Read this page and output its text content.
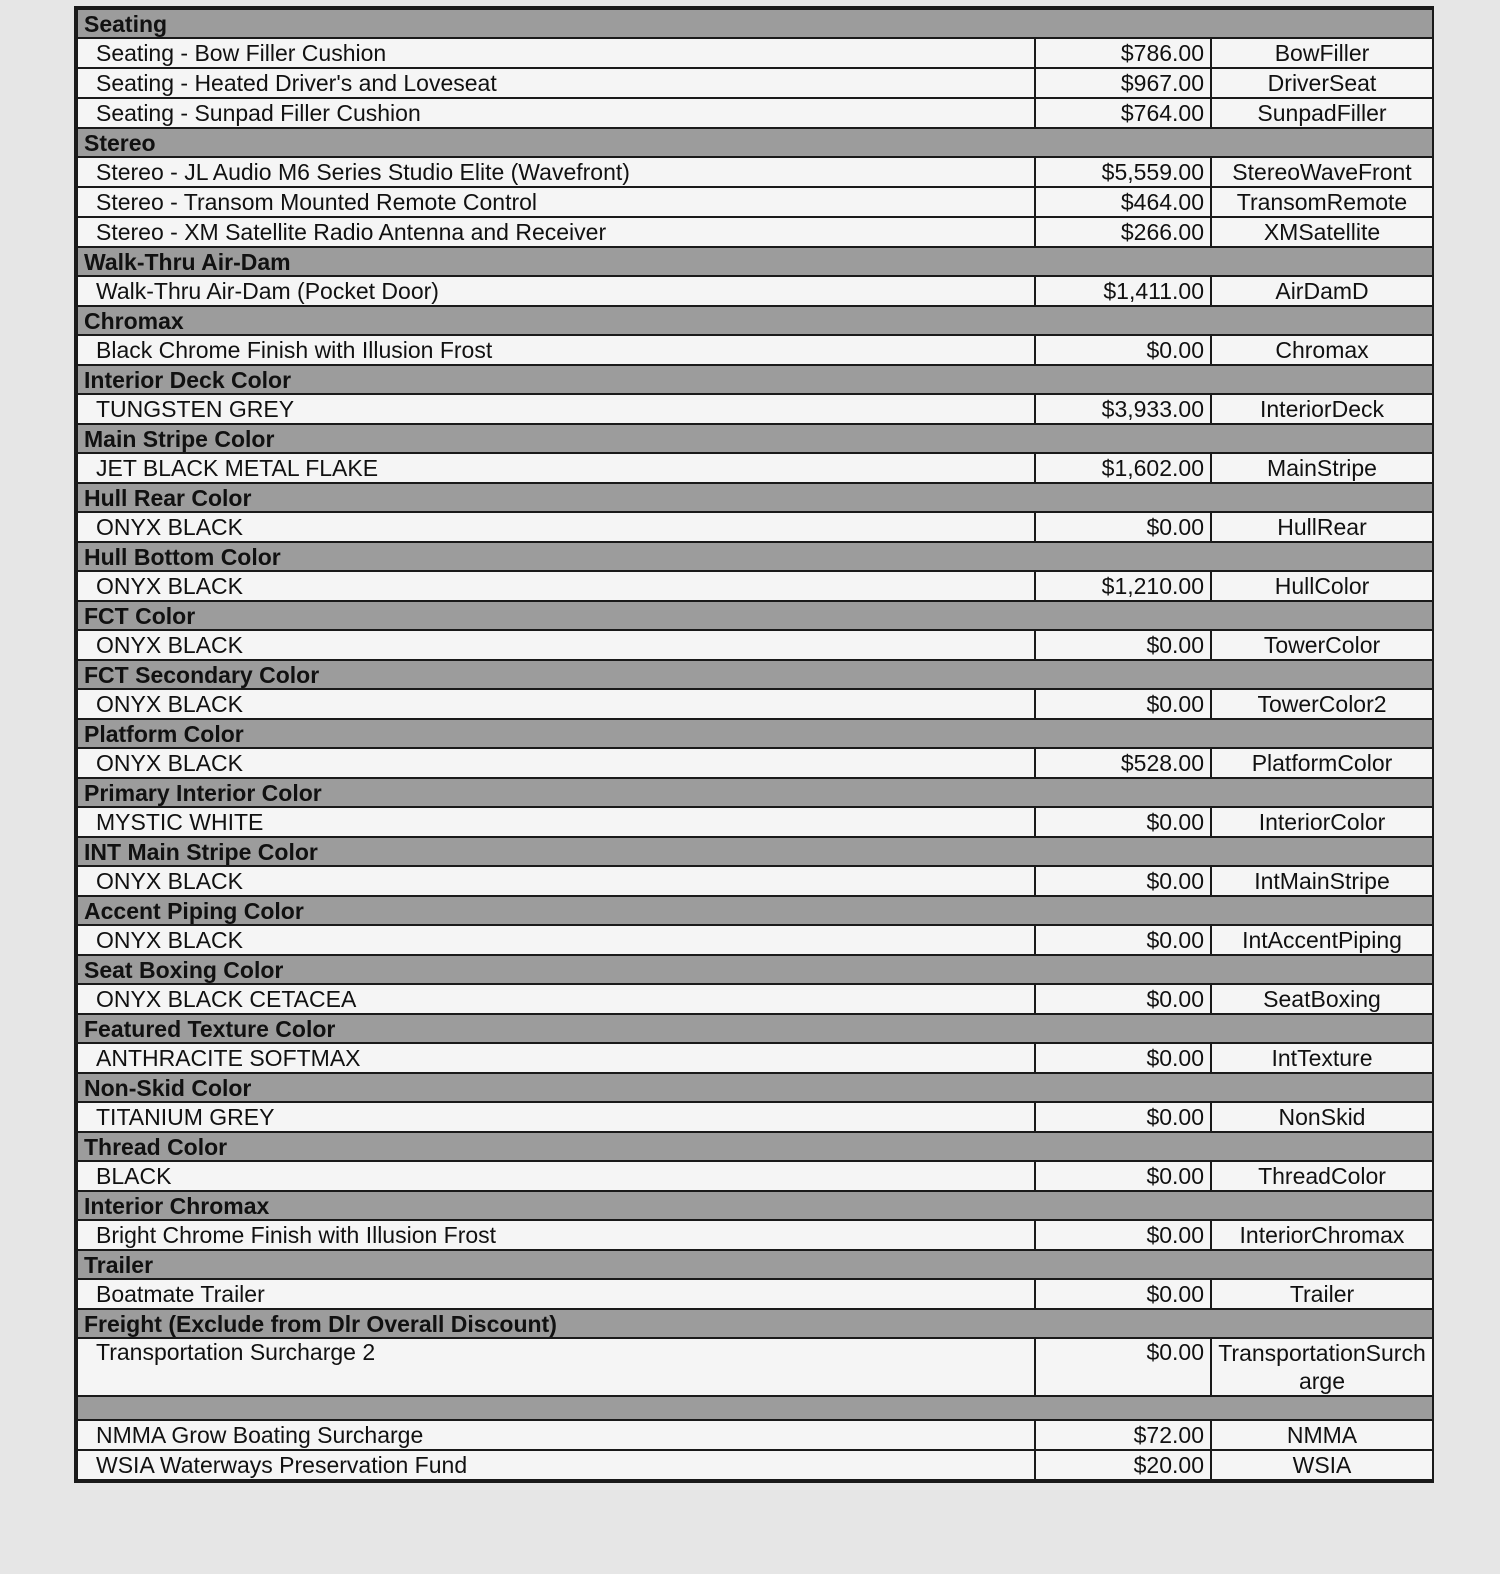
Seating		
Seating - Bow Filler Cushion	$786.00	BowFiller
Seating - Heated Driver's and Loveseat	$967.00	DriverSeat
Seating - Sunpad Filler Cushion	$764.00	SunpadFiller
Stereo		
Stereo - JL Audio M6 Series Studio Elite (Wavefront)	$5,559.00	StereoWaveFront
Stereo - Transom Mounted Remote Control	$464.00	TransomRemote
Stereo - XM Satellite Radio Antenna and Receiver	$266.00	XMSatellite
Walk-Thru Air-Dam		
Walk-Thru Air-Dam (Pocket Door)	$1,411.00	AirDamD
Chromax		
Black Chrome Finish with Illusion Frost	$0.00	Chromax
Interior Deck Color		
TUNGSTEN GREY	$3,933.00	InteriorDeck
Main Stripe Color		
JET BLACK METAL FLAKE	$1,602.00	MainStripe
Hull Rear Color		
ONYX BLACK	$0.00	HullRear
Hull Bottom Color		
ONYX BLACK	$1,210.00	HullColor
FCT Color		
ONYX BLACK	$0.00	TowerColor
FCT Secondary Color		
ONYX BLACK	$0.00	TowerColor2
Platform Color		
ONYX BLACK	$528.00	PlatformColor
Primary Interior Color		
MYSTIC WHITE	$0.00	InteriorColor
INT Main Stripe Color		
ONYX BLACK	$0.00	IntMainStripe
Accent Piping Color		
ONYX BLACK	$0.00	IntAccentPiping
Seat Boxing Color		
ONYX BLACK CETACEA	$0.00	SeatBoxing
Featured Texture Color		
ANTHRACITE SOFTMAX	$0.00	IntTexture
Non-Skid Color		
TITANIUM GREY	$0.00	NonSkid
Thread Color		
BLACK	$0.00	ThreadColor
Interior Chromax		
Bright Chrome Finish with Illusion Frost	$0.00	InteriorChromax
Trailer		
Boatmate Trailer	$0.00	Trailer
Freight (Exclude from Dlr Overall Discount)		
Transportation Surcharge 2	$0.00	TransportationSurcharge

NMMA Grow Boating Surcharge	$72.00	NMMA
WSIA Waterways Preservation Fund	$20.00	WSIA
